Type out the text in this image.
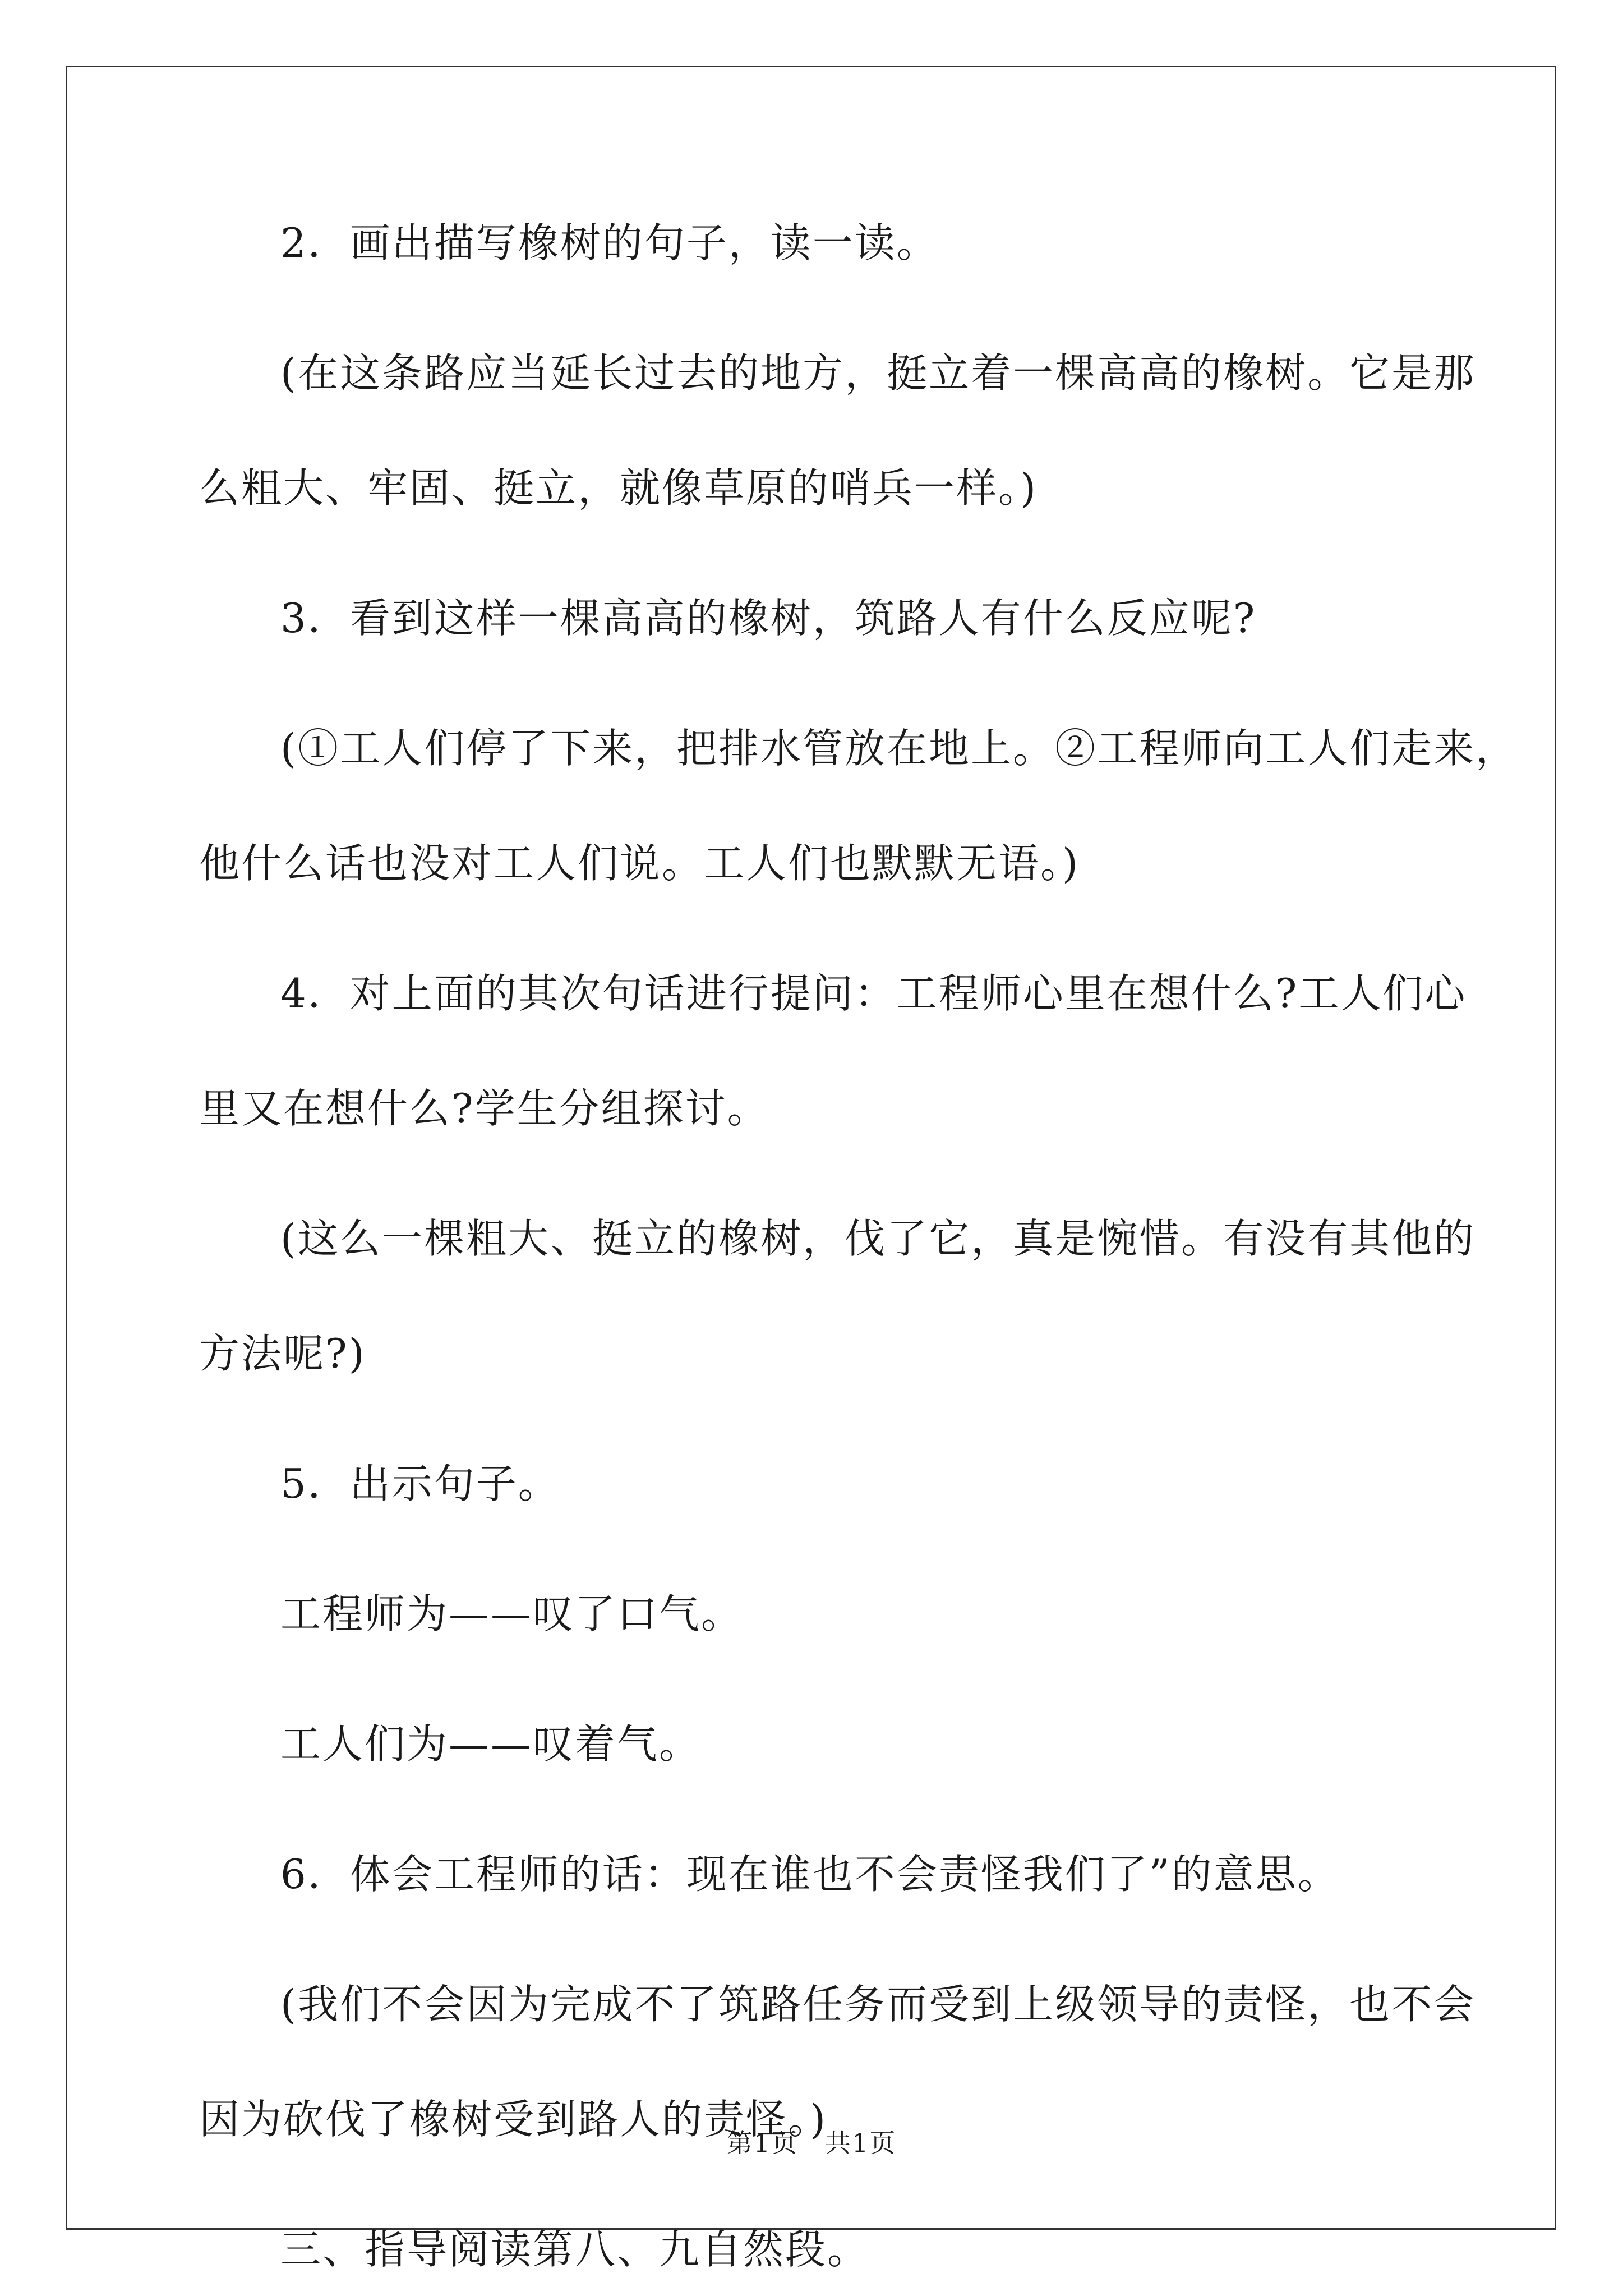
2．画出描写橡树的句子，读一读。
(在这条路应当延长过去的地方，挺立着一棵高高的橡树。它是那
么粗大、牢固、挺立，就像草原的哨兵一样。)
3．看到这样一棵高高的橡树，筑路人有什么反应呢?
(①工人们停了下来，把排水管放在地上。②工程师向工人们走来，
他什么话也没对工人们说。工人们也默默无语。)
4．对上面的其次句话进行提问：工程师心里在想什么?工人们心
里又在想什么?学生分组探讨。
(这么一棵粗大、挺立的橡树，伐了它，真是惋惜。有没有其他的
方法呢?)
5．出示句子。
工程师为——叹了口气。
工人们为——叹着气。
6．体会工程师的话：现在谁也不会责怪我们了”的意思。
(我们不会因为完成不了筑路任务而受到上级领导的责怪，也不会
因为砍伐了橡树受到路人的责怪。)
三、指导阅读第八、九自然段。
第1页　共1页
